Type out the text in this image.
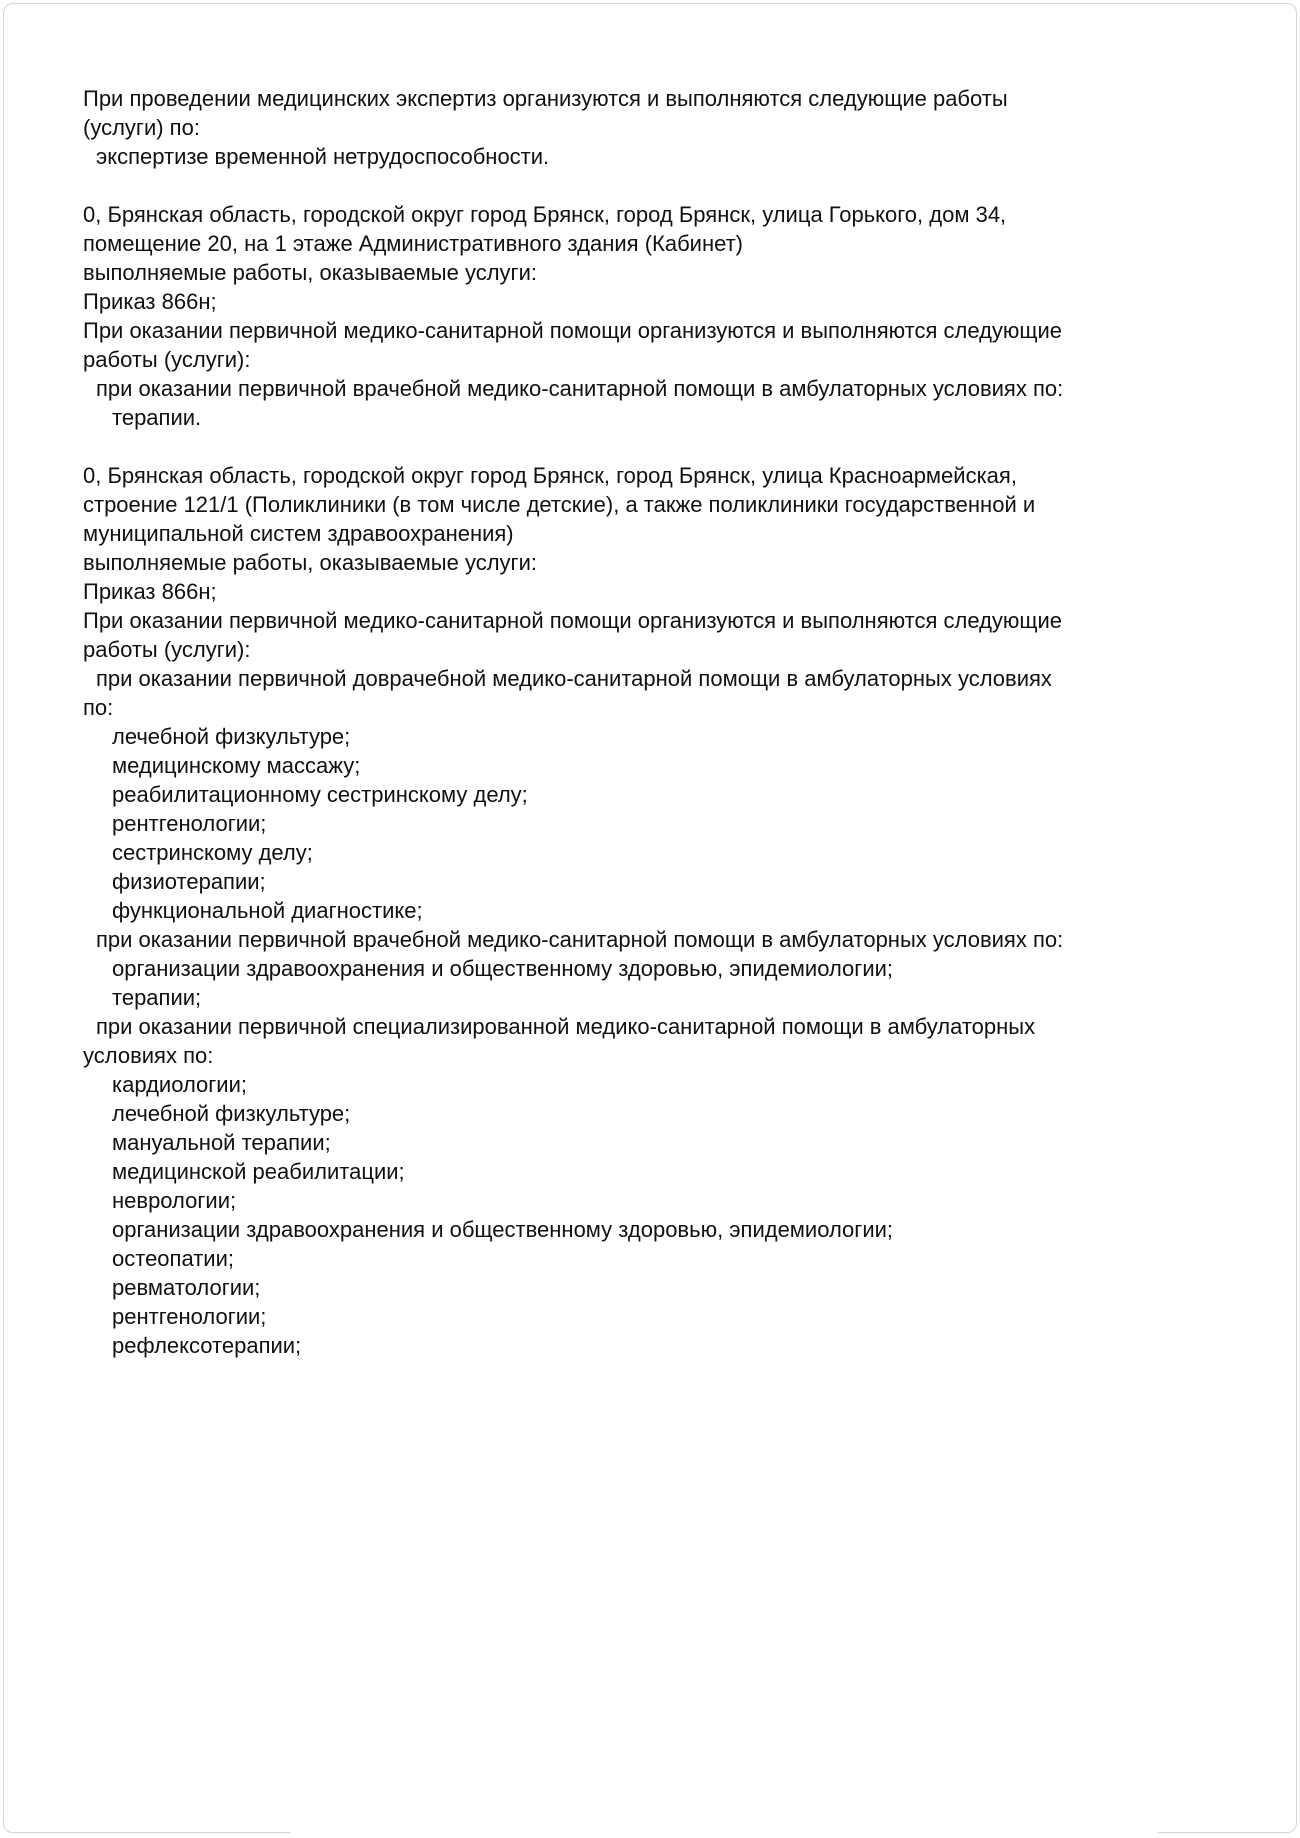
При проведении медицинских экспертиз организуются и выполняются следующие работы
(услуги) по:
экспертизе временной нетрудоспособности.
0, Брянская область, городской округ город Брянск, город Брянск, улица Горького, дом 34,
помещение 20, на 1 этаже Административного здания (Кабинет)
выполняемые работы, оказываемые услуги:
Приказ 866н;
При оказании первичной медико-санитарной помощи организуются и выполняются следующие
работы (услуги):
при оказании первичной врачебной медико-санитарной помощи в амбулаторных условиях по:
терапии.
0, Брянская область, городской округ город Брянск, город Брянск, улица Красноармейская,
строение 121/1 (Поликлиники (в том числе детские), а также поликлиники государственной и
муниципальной систем здравоохранения)
выполняемые работы, оказываемые услуги:
Приказ 866н;
При оказании первичной медико-санитарной помощи организуются и выполняются следующие
работы (услуги):
при оказании первичной доврачебной медико-санитарной помощи в амбулаторных условиях
по:
лечебной физкультуре;
медицинскому массажу;
реабилитационному сестринскому делу;
рентгенологии;
сестринскому делу;
физиотерапии;
функциональной диагностике;
при оказании первичной врачебной медико-санитарной помощи в амбулаторных условиях по:
организации здравоохранения и общественному здоровью, эпидемиологии;
терапии;
при оказании первичной специализированной медико-санитарной помощи в амбулаторных
условиях по:
кардиологии;
лечебной физкультуре;
мануальной терапии;
медицинской реабилитации;
неврологии;
организации здравоохранения и общественному здоровью, эпидемиологии;
остеопатии;
ревматологии;
рентгенологии;
рефлексотерапии;
